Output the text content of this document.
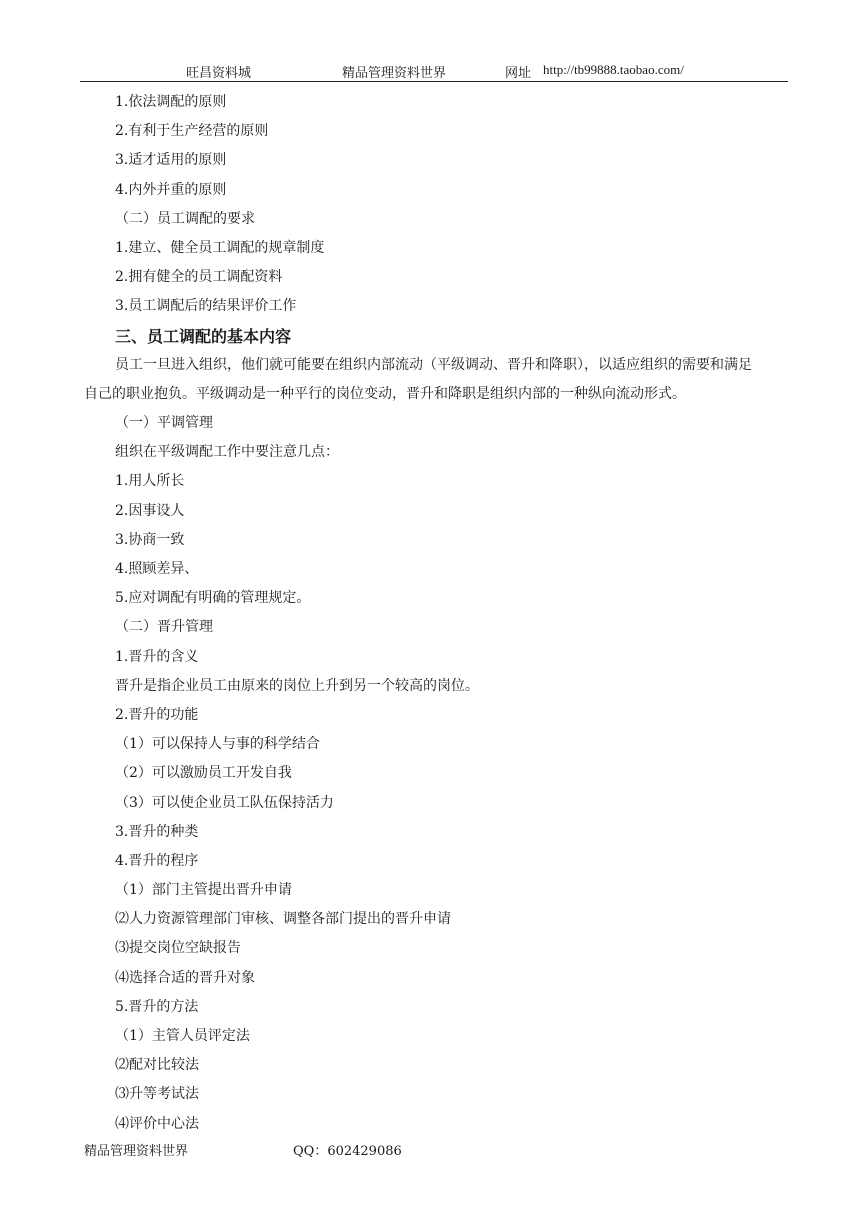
旺昌资料城	精品管理资料世界	网址 http://tb99888.taobao.com/
1.依法调配的原则
2.有利于生产经营的原则
3.适才适用的原则
4.内外并重的原则
（二）员工调配的要求
1.建立、健全员工调配的规章制度
2.拥有健全的员工调配资料
3.员工调配后的结果评价工作
三、员工调配的基本内容
员工一旦进入组织，他们就可能要在组织内部流动（平级调动、晋升和降职），以适应组织的需要和满足自己的职业抱负。平级调动是一种平行的岗位变动，晋升和降职是组织内部的一种纵向流动形式。
（一）平调管理
组织在平级调配工作中要注意几点：
1.用人所长
2.因事设人
3.协商一致
4.照顾差异、
5.应对调配有明确的管理规定。
（二）晋升管理
1.晋升的含义
晋升是指企业员工由原来的岗位上升到另一个较高的岗位。
2.晋升的功能
（1）可以保持人与事的科学结合
（2）可以激励员工开发自我
（3）可以使企业员工队伍保持活力
3.晋升的种类
4.晋升的程序
（1）部门主管提出晋升申请
⑵人力资源管理部门审核、调整各部门提出的晋升申请
⑶提交岗位空缺报告
⑷选择合适的晋升对象
5.晋升的方法
（1）主管人员评定法
⑵配对比较法
⑶升等考试法
⑷评价中心法
精品管理资料世界	QQ：602429086
